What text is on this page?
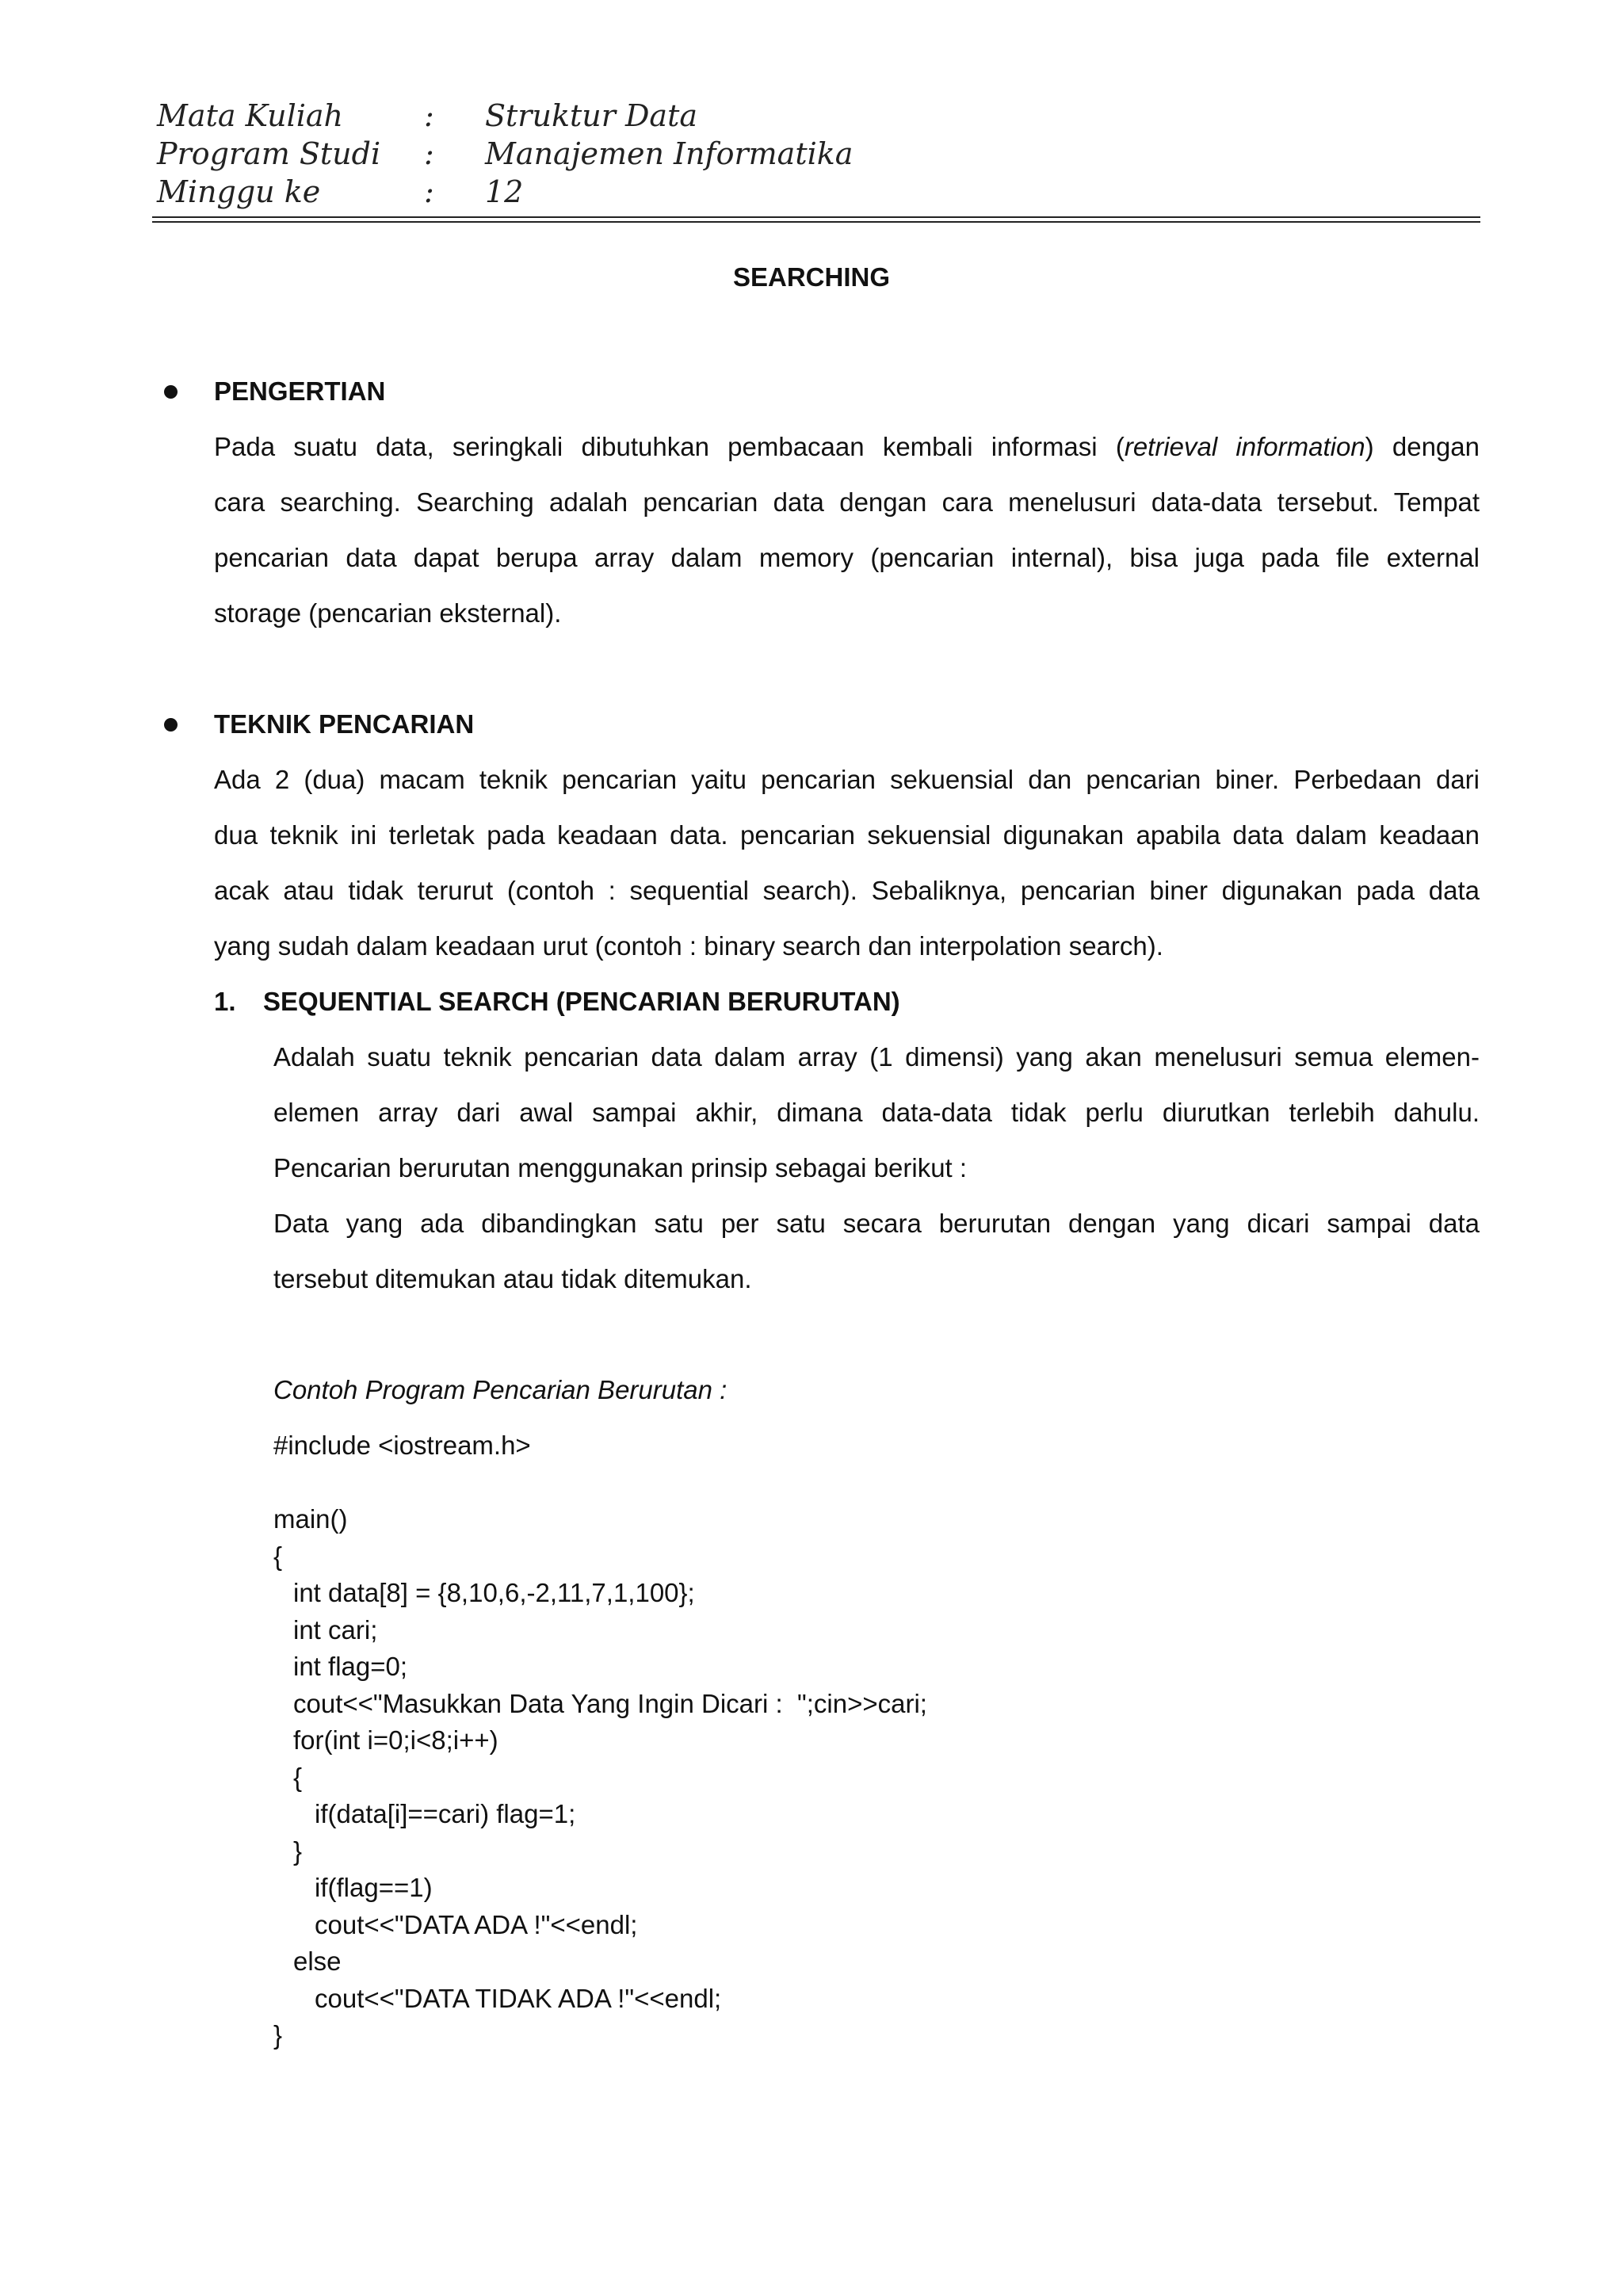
Mata Kuliah	: Struktur Data
Program Studi : Manajemen Informatika
Minggu ke	: 12
SEARCHING
PENGERTIAN
Pada suatu data, seringkali dibutuhkan pembacaan kembali informasi (retrieval information) dengan
cara searching. Searching adalah pencarian data dengan cara menelusuri data-data tersebut. Tempat
pencarian data dapat berupa array dalam memory (pencarian internal), bisa juga pada file external
storage (pencarian eksternal).
TEKNIK PENCARIAN
Ada 2 (dua) macam teknik pencarian yaitu pencarian sekuensial dan pencarian biner. Perbedaan dari
dua teknik ini terletak pada keadaan data. pencarian sekuensial digunakan apabila data dalam keadaan
acak atau tidak terurut (contoh : sequential search). Sebaliknya, pencarian biner digunakan pada data
yang sudah dalam keadaan urut (contoh : binary search dan interpolation search).
1. SEQUENTIAL SEARCH (PENCARIAN BERURUTAN)
Adalah suatu teknik pencarian data dalam array (1 dimensi) yang akan menelusuri semua elemen-
elemen array dari awal sampai akhir, dimana data-data tidak perlu diurutkan terlebih dahulu.
Pencarian berurutan menggunakan prinsip sebagai berikut :
Data yang ada dibandingkan satu per satu secara berurutan dengan yang dicari sampai data
tersebut ditemukan atau tidak ditemukan.
Contoh Program Pencarian Berurutan :
#include <iostream.h>
main()
{
int data[8] = {8,10,6,-2,11,7,1,100};
int cari;
int flag=0;
cout<<"Masukkan Data Yang Ingin Dicari :  ";cin>>cari;
for(int i=0;i<8;i++)
{
if(data[i]==cari) flag=1;
}
if(flag==1)
cout<<"DATA ADA !"<<endl;
else
cout<<"DATA TIDAK ADA !"<<endl;
}
